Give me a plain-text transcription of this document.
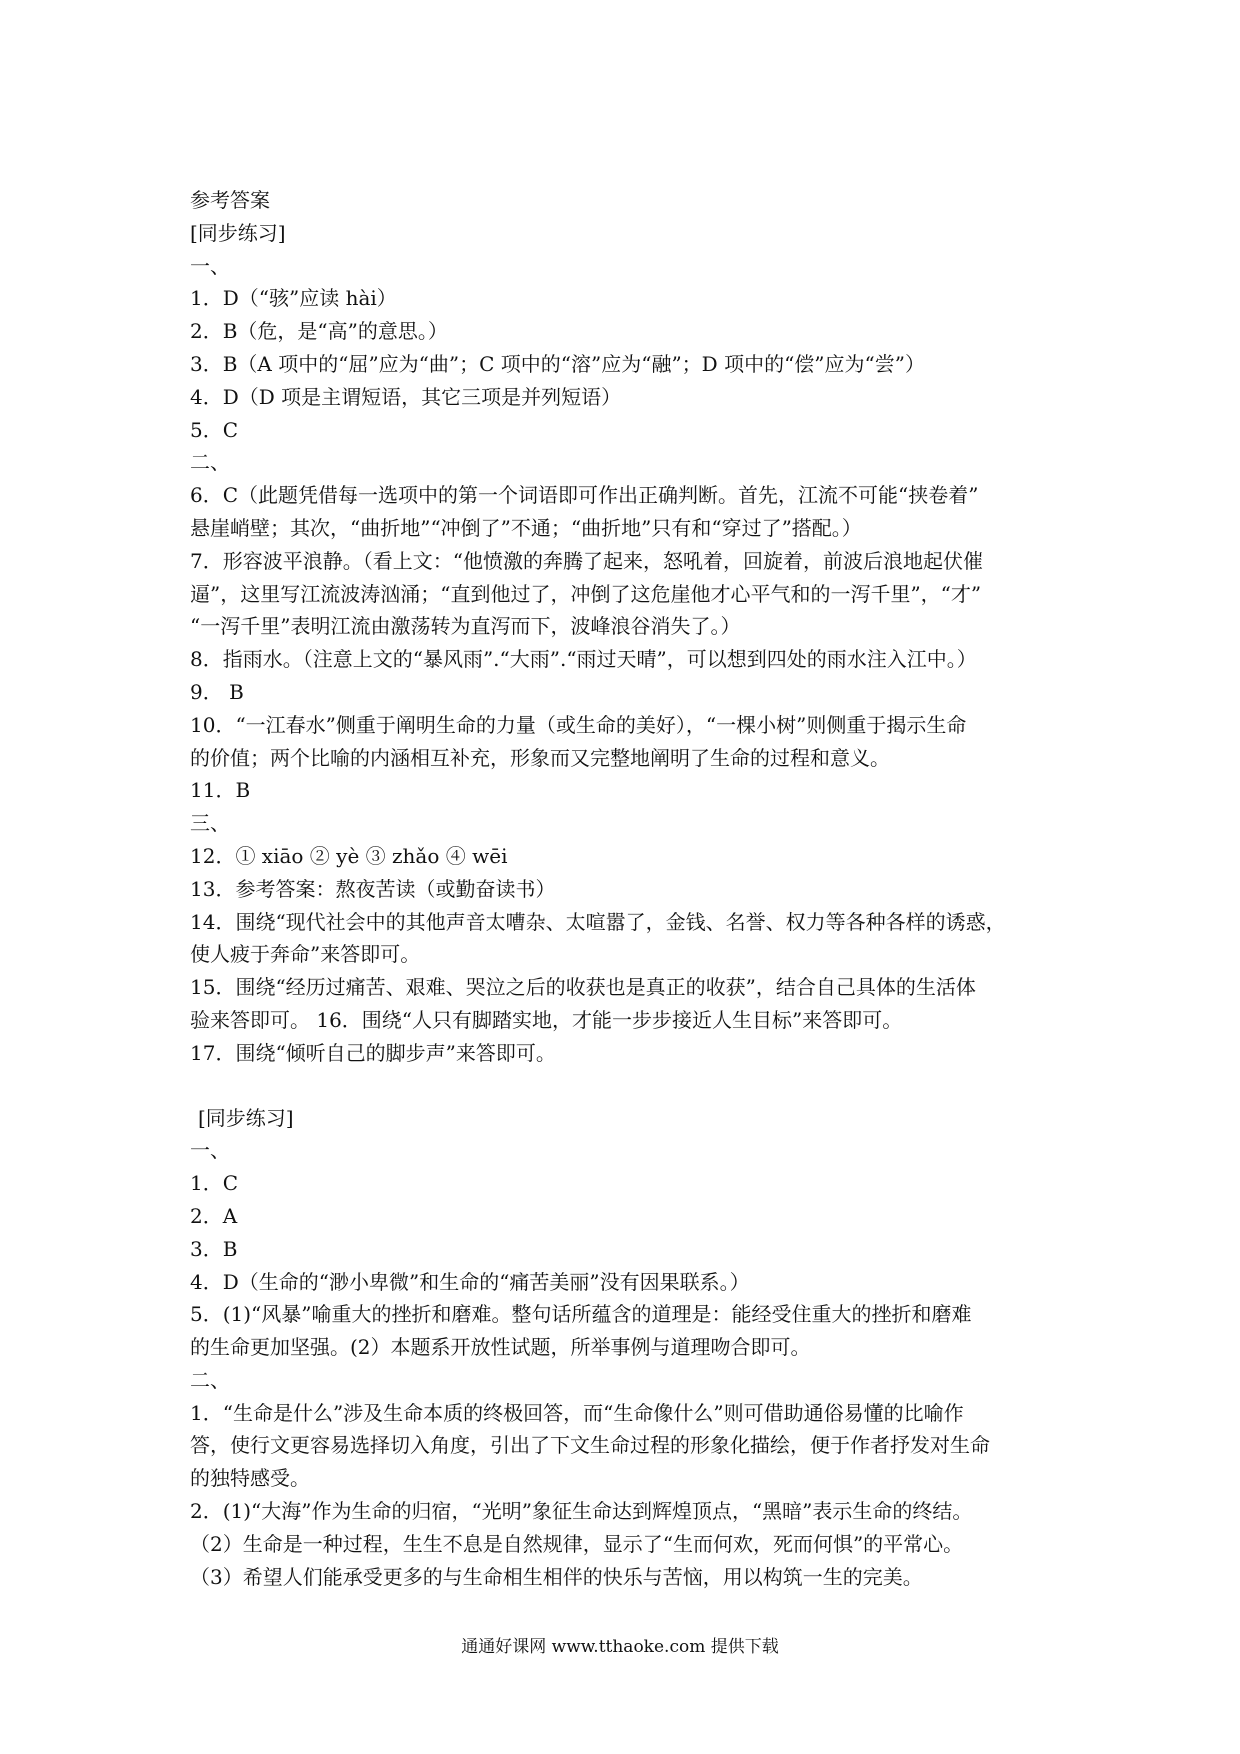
参考答案
[同步练习]
一、
1．D（“骇”应读 hài）
2．B（危，是“高”的意思。）
3．B（A 项中的“屈”应为“曲”；C 项中的“溶”应为“融”；D 项中的“偿”应为“尝”）
4．D（D 项是主谓短语，其它三项是并列短语）
5．C
二、
6．C（此题凭借每一选项中的第一个词语即可作出正确判断。首先，江流不可能“挟卷着”
悬崖峭壁；其次，“曲折地”“冲倒了”不通；“曲折地”只有和“穿过了”搭配。）
7．形容波平浪静。（看上文：“他愤激的奔腾了起来，怒吼着，回旋着，前波后浪地起伏催
逼”，这里写江流波涛汹涌；“直到他过了，冲倒了这危崖他才心平气和的一泻千里”，“才”
“一泻千里”表明江流由激荡转为直泻而下，波峰浪谷消失了。）
8．指雨水。（注意上文的“暴风雨”.“大雨”.“雨过天晴”，可以想到四处的雨水注入江中。）
9． B
10．“一江春水”侧重于阐明生命的力量（或生命的美好），“一棵小树”则侧重于揭示生命
的价值；两个比喻的内涵相互补充，形象而又完整地阐明了生命的过程和意义。
11．B
三、
12．① xiāo ② yè ③ zhǎo ④ wēi
13．参考答案：熬夜苦读（或勤奋读书）
14．围绕“现代社会中的其他声音太嘈杂、太喧嚣了，金钱、名誉、权力等各种各样的诱惑，
使人疲于奔命”来答即可。
15．围绕“经历过痛苦、艰难、哭泣之后的收获也是真正的收获”，结合自己具体的生活体
验来答即可。 16．围绕“人只有脚踏实地，才能一步步接近人生目标”来答即可。
17．围绕“倾听自己的脚步声”来答即可。
[同步练习]
一、
1．C
2．A
3．B
4．D（生命的“渺小卑微”和生命的“痛苦美丽”没有因果联系。）
5．(1)“风暴”喻重大的挫折和磨难。整句话所蕴含的道理是：能经受住重大的挫折和磨难
的生命更加坚强。(2）本题系开放性试题，所举事例与道理吻合即可。
二、
1．“生命是什么”涉及生命本质的终极回答，而“生命像什么”则可借助通俗易懂的比喻作
答，使行文更容易选择切入角度，引出了下文生命过程的形象化描绘，便于作者抒发对生命
的独特感受。
2．(1)“大海”作为生命的归宿，“光明”象征生命达到辉煌顶点，“黑暗”表示生命的终结。
（2）生命是一种过程，生生不息是自然规律，显示了“生而何欢，死而何惧”的平常心。
（3）希望人们能承受更多的与生命相生相伴的快乐与苦恼，用以构筑一生的完美。
通通好课网 www.tthaoke.com 提供下载
